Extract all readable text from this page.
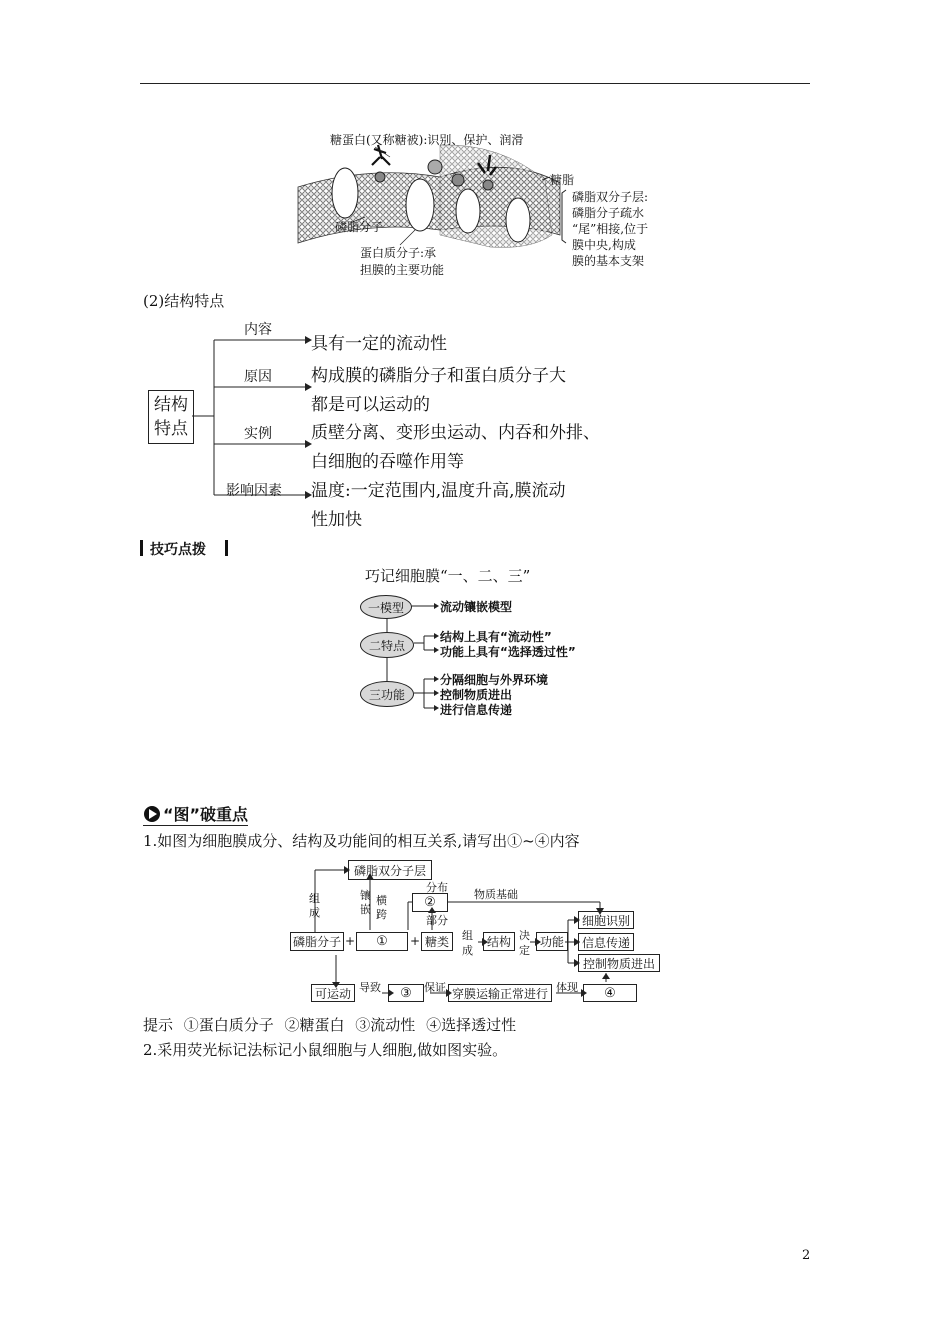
糖蛋白(又称糖被):识别、保护、润滑
糖脂
磷脂双分子层:
磷脂分子疏水
“尾”相接,位于
膜中央,构成
膜的基本支架
磷脂分子
蛋白质分子:承
担膜的主要功能
(2)结构特点
结构
特点
内容
具有一定的流动性
原因 构成膜的磷脂分子和蛋白质分子大
都是可以运动的
实例 质壁分离、变形虫运动、内吞和外排、
白细胞的吞噬作用等
影响因素 温度:一定范围内,温度升高,膜流动
性加快
技巧点拨
巧记细胞膜“一、二、三”
一模型	流动镶嵌模型
二特点
结构上具有“流动性”
功能上具有“选择透过性”
三功能
分隔细胞与外界环境
控制物质进出
进行信息传递
“图”破重点
1.如图为细胞膜成分、结构及功能间的相互关系,请写出①~④内容
磷脂双分子层
②
磷脂分子	①	糖类	结构	功能
细胞识别
信息传递
控制物质进出
可运动	③	穿膜运输正常进行	④
组
成
镶
嵌
横
跨
分布
物质基础
部分
+	+	组
成
决
定
导致	保证	体现
提示 ①蛋白质分子 ②糖蛋白 ③流动性 ④选择透过性
2.采用荧光标记法标记小鼠细胞与人细胞,做如图实验。
2
